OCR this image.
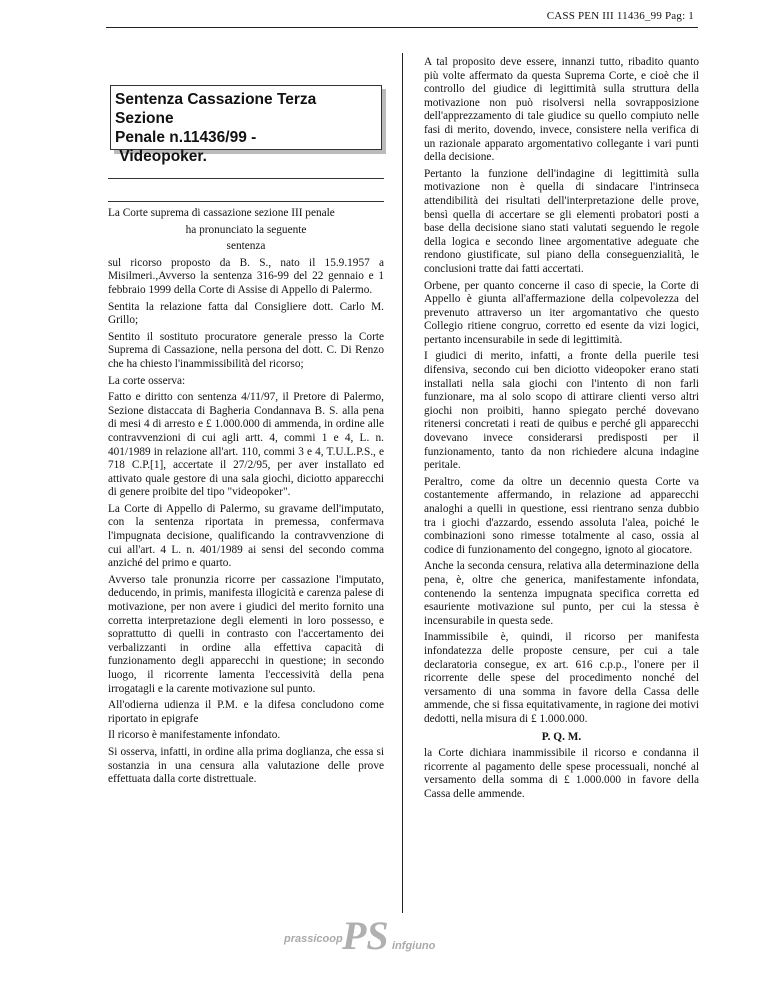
CASS PEN III 11436_99 Pag: 1
Sentenza Cassazione Terza Sezione
Penale n.11436/99 -
Videopoker.

La Corte suprema di cassazione sezione III penale

ha pronunciato la seguente

sentenza

sul ricorso proposto da B. S., nato il 15.9.1957 a Misilmeri.,Avverso la sentenza 316-99 del 22 gennaio e 1 febbraio 1999 della Corte di Assise di Appello di Palermo.

Sentita la relazione fatta dal Consigliere dott. Carlo M. Grillo;

Sentito il sostituto procuratore generale presso la Corte Suprema di Cassazione, nella persona del dott. C. Di Renzo che ha chiesto l'inammissibilità del ricorso;

La corte osserva:

Fatto e diritto con sentenza 4/11/97, il Pretore di Palermo, Sezione distaccata di Bagheria Condannava B. S. alla pena di mesi 4 di arresto e £ 1.000.000 di ammenda, in ordine alle contravvenzioni di cui agli artt. 4, commi 1 e 4, L. n. 401/1989 in relazione all'art. 110, commi 3 e 4, T.U.L.P.S., e 718 C.P.[1], accertate il 27/2/95, per aver installato ed attivato quale gestore di una sala giochi, diciotto apparecchi di genere proibite del tipo "videopoker".

La Corte di Appello di Palermo, su gravame dell'imputato, con la sentenza riportata in premessa, confermava l'impugnata decisione, qualificando la contravvenzione di cui all'art. 4 L. n. 401/1989 ai sensi del secondo comma anziché del primo e quarto.

Avverso tale pronunzia ricorre per cassazione l'imputato, deducendo, in primis, manifesta illogicità e carenza palese di motivazione, per non avere i giudici del merito fornito una corretta interpretazione degli elementi in loro possesso, e soprattutto di quelli in contrasto con l'accertamento dei verbalizzanti in ordine alla effettiva capacità di funzionamento degli apparecchi in questione; in secondo luogo, il ricorrente lamenta l'eccessività della pena irrogatagli e la carente motivazione sul punto.

All'odierna udienza il P.M. e la difesa concludono come riportato in epigrafe

Il ricorso è manifestamente infondato.

Si osserva, infatti, in ordine alla prima doglianza, che essa si sostanzia in una censura alla valutazione delle prove effettuata dalla corte distrettuale.

A tal proposito deve essere, innanzi tutto, ribadito quanto più volte affermato da questa Suprema Corte, e cioè che il controllo del giudice di legittimità sulla struttura della motivazione non può risolversi nella sovrapposizione dell'apprezzamento di tale giudice su quello compiuto nelle fasi di merito, dovendo, invece, consistere nella verifica di un razionale apparato argomentativo collegante i vari punti della decisione.

Pertanto la funzione dell'indagine di legittimità sulla motivazione non è quella di sindacare l'intrinseca attendibilità dei risultati dell'interpretazione delle prove, bensì quella di accertare se gli elementi probatori posti a base della decisione siano stati valutati seguendo le regole della logica e secondo linee argomentative adeguate che rendono giustificate, sul piano della conseguenzialità, le conclusioni tratte dai fatti accertati.

Orbene, per quanto concerne il caso di specie, la Corte di Appello è giunta all'affermazione della colpevolezza del prevenuto attraverso un iter argomantativo che questo Collegio ritiene congruo, corretto ed esente da vizi logici, pertanto incensurabile in sede di legittimità.

I giudici di merito, infatti, a fronte della puerile tesi difensiva, secondo cui ben diciotto videopoker erano stati installati nella sala giochi con l'intento di non farli funzionare, ma al solo scopo di attirare clienti verso altri giochi non proibiti, hanno spiegato perché dovevano ritenersi concretati i reati de quibus e perché gli apparecchi dovevano invece considerarsi predisposti per il funzionamento, tanto da non richiedere alcuna indagine peritale.

Peraltro, come da oltre un decennio questa Corte va costantemente affermando, in relazione ad apparecchi analoghi a quelli in questione, essi rientrano senza dubbio tra i giochi d'azzardo, essendo assoluta l'alea, poiché le combinazioni sono rimesse totalmente al caso, ossia al codice di funzionamento del congegno, ignoto al giocatore.

Anche la seconda censura, relativa alla determinazione della pena, è, oltre che generica, manifestamente infondata, contenendo la sentenza impugnata specifica corretta ed esauriente motivazione sul punto, per cui la stessa è incensurabile in questa sede.

Inammissibile è, quindi, il ricorso per manifesta infondatezza delle proposte censure, per cui a tale declaratoria consegue, ex art. 616 c.p.p., l'onere per il ricorrente delle spese del procedimento nonché del versamento di una somma in favore della Cassa delle ammende, che si fissa equitativamente, in ragione dei motivi dedotti, nella misura di £ 1.000.000.

P. Q. M.

la Corte dichiara inammissibile il ricorso e condanna il ricorrente al pagamento delle spese processuali, nonché al versamento della somma di £ 1.000.000 in favore della Cassa delle ammende.

prassicoop PS infgiuno
